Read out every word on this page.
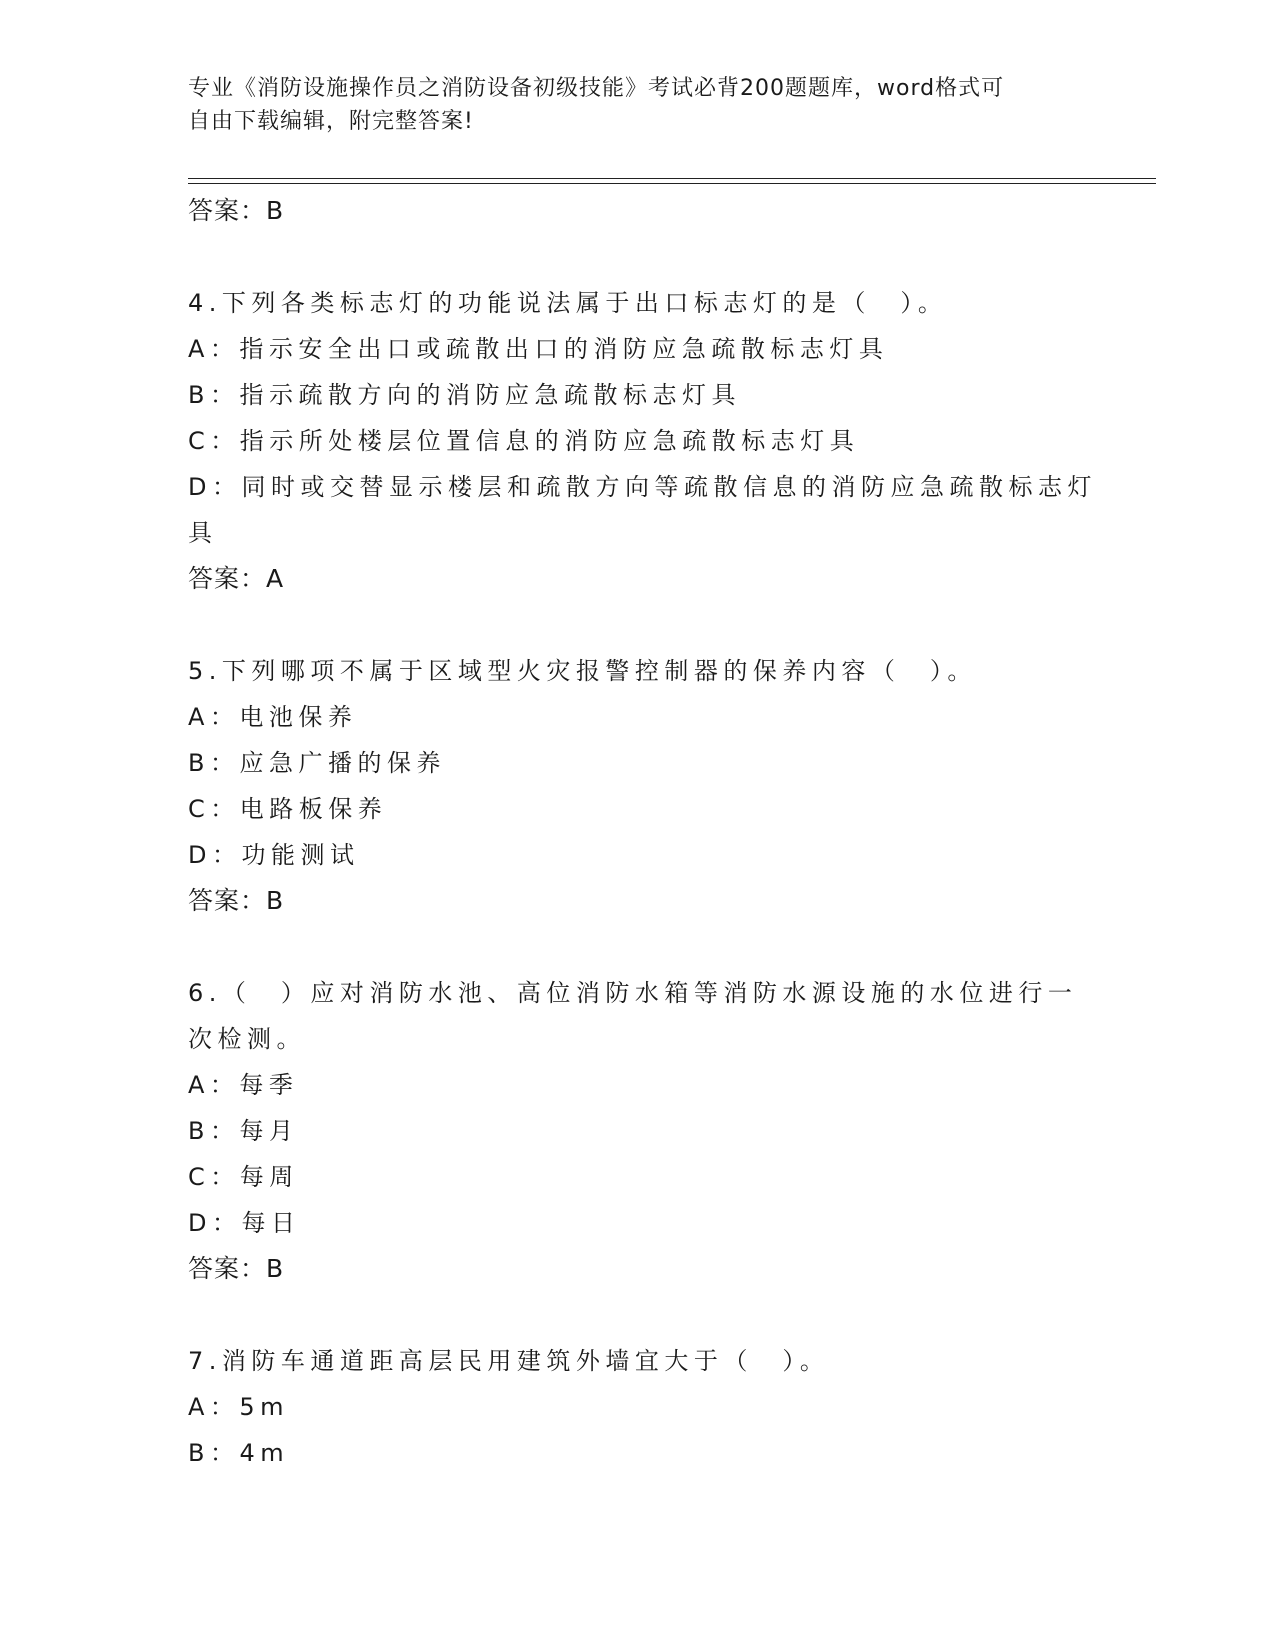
专业《消防设施操作员之消防设备初级技能》考试必背200题题库，word格式可
自由下载编辑，附完整答案!
答案：B
4.下列各类标志灯的功能说法属于出口标志灯的是（　）。
A：指示安全出口或疏散出口的消防应急疏散标志灯具
B：指示疏散方向的消防应急疏散标志灯具
C：指示所处楼层位置信息的消防应急疏散标志灯具
D：同时或交替显示楼层和疏散方向等疏散信息的消防应急疏散标志灯
具
答案：A
5.下列哪项不属于区域型火灾报警控制器的保养内容（　）。
A：电池保养
B：应急广播的保养
C：电路板保养
D：功能测试
答案：B
6.（　）应对消防水池、高位消防水箱等消防水源设施的水位进行一
次检测。
A：每季
B：每月
C：每周
D：每日
答案：B
7.消防车通道距高层民用建筑外墙宜大于（　）。
A：5m
B：4m
